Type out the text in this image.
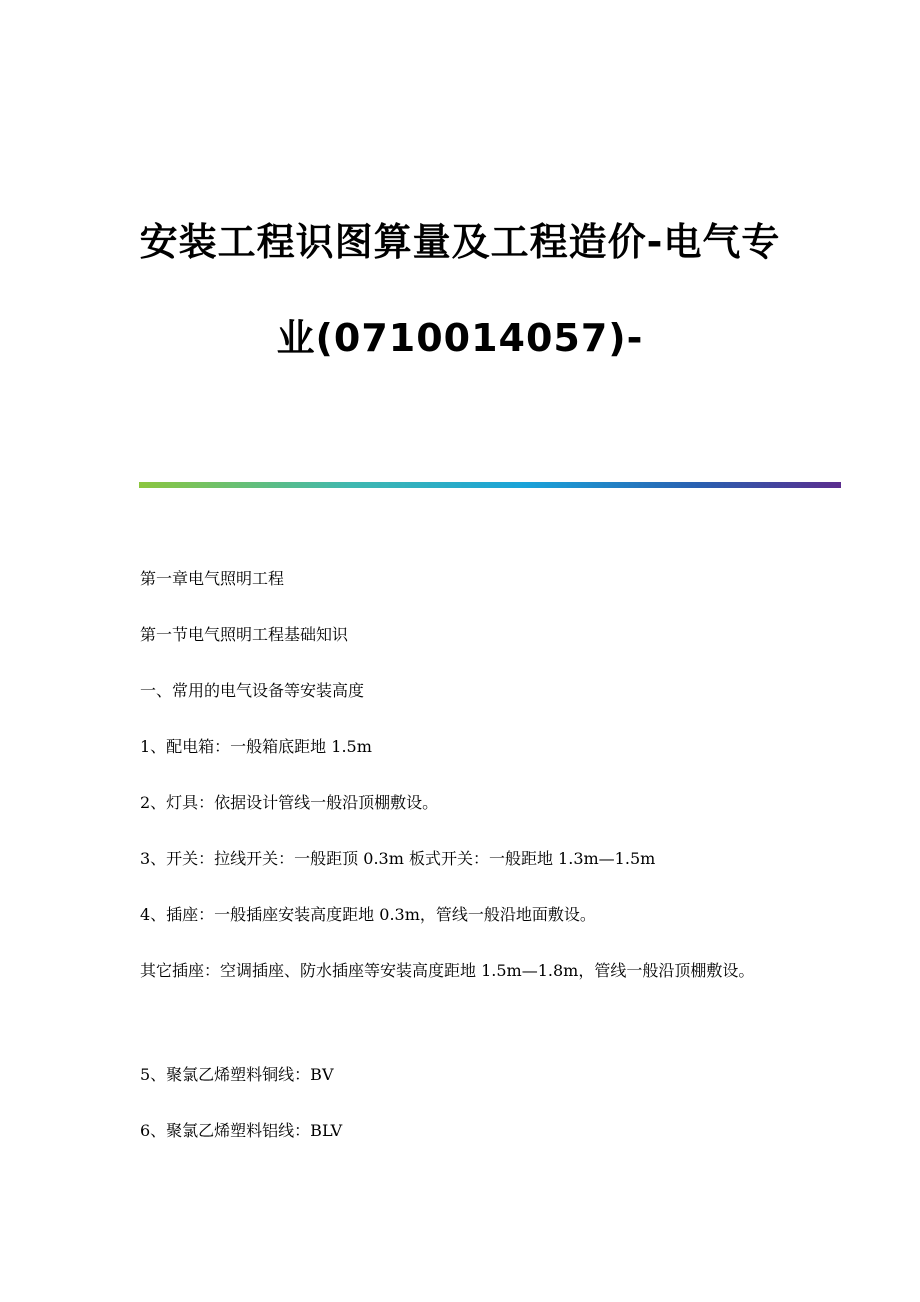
安装工程识图算量及工程造价-电气专
业(0710014057)-

第一章电气照明工程

第一节电气照明工程基础知识

一、常用的电气设备等安装高度

1、配电箱：一般箱底距地 1.5m

2、灯具：依据设计管线一般沿顶棚敷设。

3、开关：拉线开关：一般距顶 0.3m 板式开关：一般距地 1.3m—1.5m

4、插座：一般插座安装高度距地 0.3m，管线一般沿地面敷设。

其它插座：空调插座、防水插座等安装高度距地 1.5m—1.8m，管线一般沿顶棚敷设。

5、聚氯乙烯塑料铜线：BV

6、聚氯乙烯塑料铝线：BLV
